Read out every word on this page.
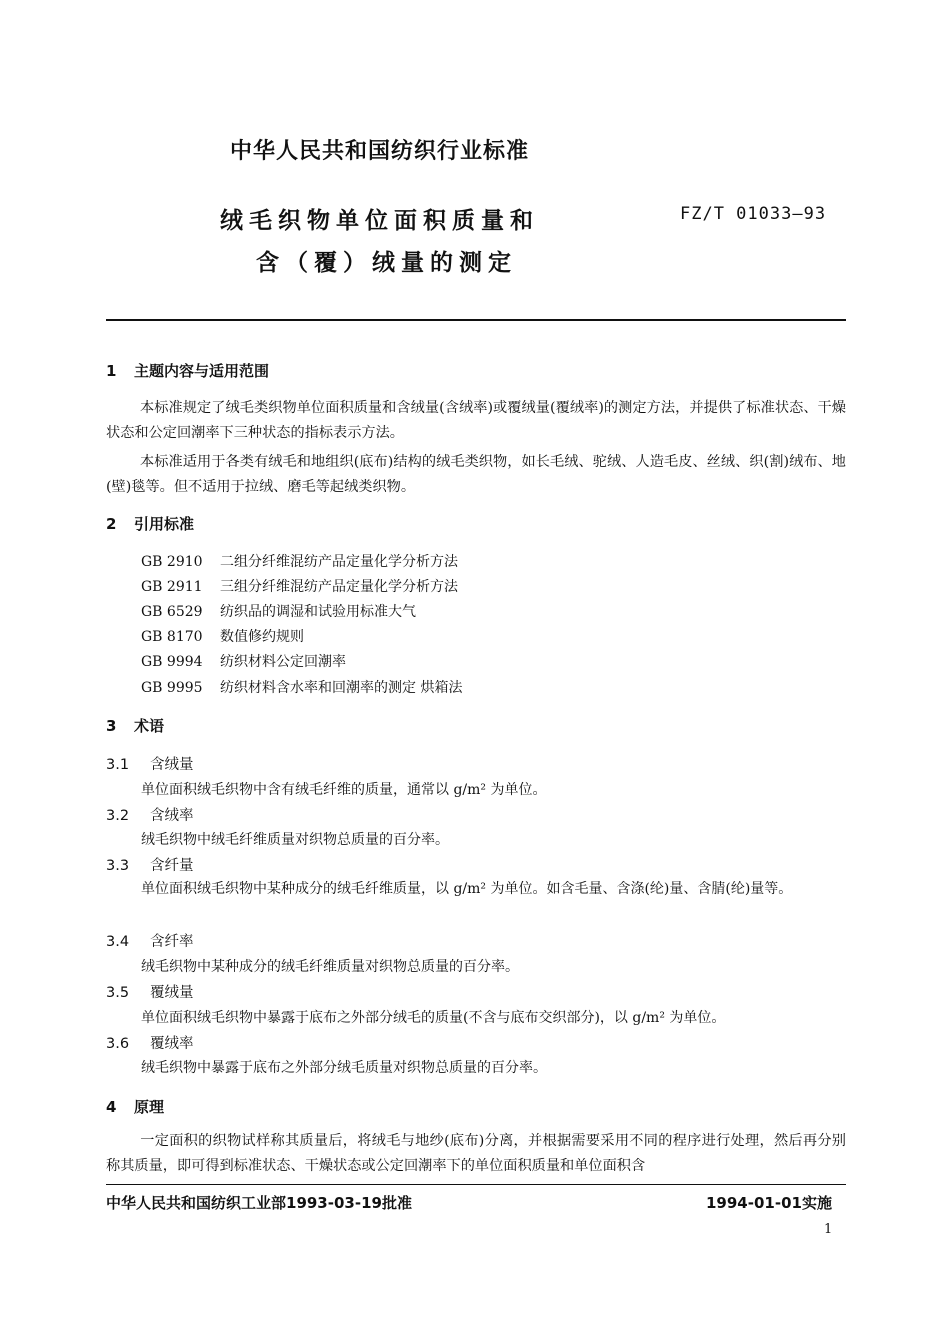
中华人民共和国纺织行业标准
绒毛织物单位面积质量和
含（覆）绒量的测定
FZ/T 01033—93
1 主题内容与适用范围
本标准规定了绒毛类织物单位面积质量和含绒量(含绒率)或覆绒量(覆绒率)的测定方法，并提供了标准状态、干燥状态和公定回潮率下三种状态的指标表示方法。
本标准适用于各类有绒毛和地组织(底布)结构的绒毛类织物，如长毛绒、驼绒、人造毛皮、丝绒、织(割)绒布、地(壁)毯等。但不适用于拉绒、磨毛等起绒类织物。
2 引用标准
GB 2910 二组分纤维混纺产品定量化学分析方法
GB 2911 三组分纤维混纺产品定量化学分析方法
GB 6529 纺织品的调湿和试验用标准大气
GB 8170 数值修约规则
GB 9994 纺织材料公定回潮率
GB 9995 纺织材料含水率和回潮率的测定 烘箱法
3 术语
3.1 含绒量
单位面积绒毛织物中含有绒毛纤维的质量，通常以 g/m² 为单位。
3.2 含绒率
绒毛织物中绒毛纤维质量对织物总质量的百分率。
3.3 含纤量
单位面积绒毛织物中某种成分的绒毛纤维质量，以 g/m² 为单位。如含毛量、含涤(纶)量、含腈(纶)量等。
3.4 含纤率
绒毛织物中某种成分的绒毛纤维质量对织物总质量的百分率。
3.5 覆绒量
单位面积绒毛织物中暴露于底布之外部分绒毛的质量(不含与底布交织部分)，以 g/m² 为单位。
3.6 覆绒率
绒毛织物中暴露于底布之外部分绒毛质量对织物总质量的百分率。
4 原理
一定面积的织物试样称其质量后，将绒毛与地纱(底布)分离，并根据需要采用不同的程序进行处理，然后再分别称其质量，即可得到标准状态、干燥状态或公定回潮率下的单位面积质量和单位面积含
中华人民共和国纺织工业部1993-03-19批准	1994-01-01实施
1
